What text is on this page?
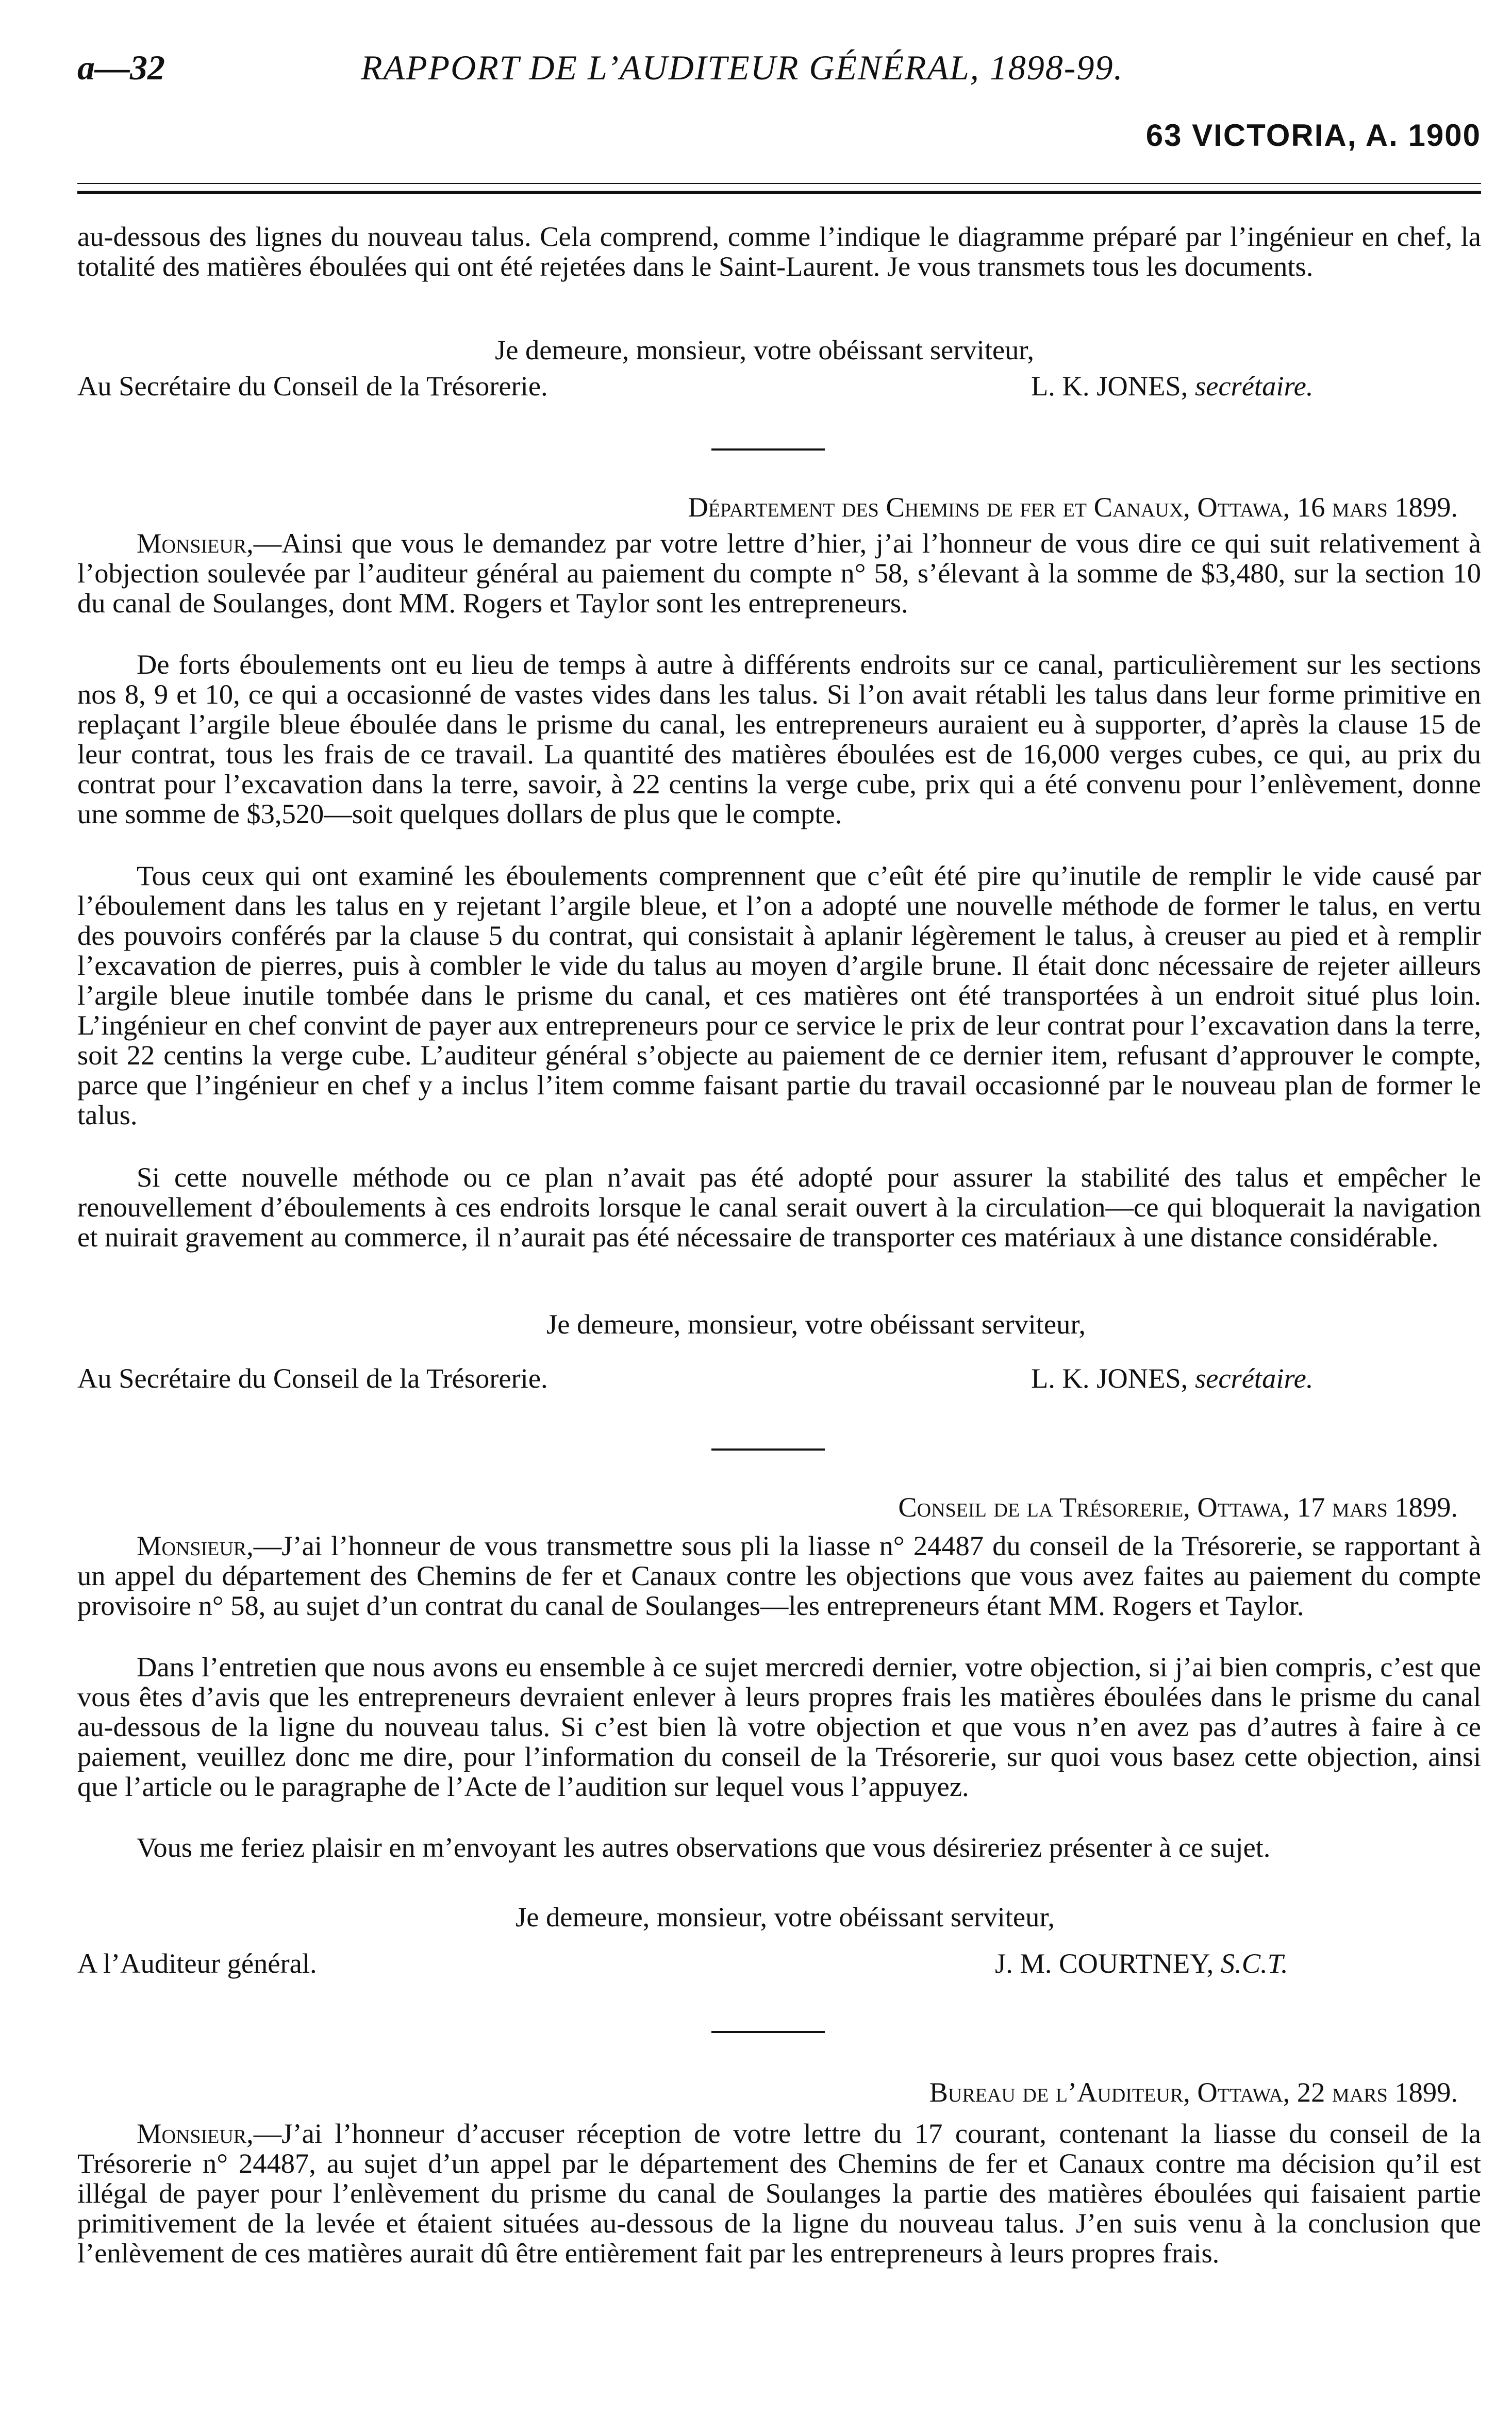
a—32	RAPPORT DE L’AUDITEUR GÉNÉRAL, 1898-99.
63 VICTORIA, A. 1900
au-dessous des lignes du nouveau talus. Cela comprend, comme l’indique le diagramme préparé par l’ingénieur en chef, la totalité des matières éboulées qui ont été rejetées dans le Saint-Laurent. Je vous transmets tous les documents.
Je demeure, monsieur, votre obéissant serviteur,
Au Secrétaire du Conseil de la Trésorerie.	L. K. JONES, secrétaire.
Département des Chemins de fer et Canaux, Ottawa, 16 mars 1899.
Monsieur,—Ainsi que vous le demandez par votre lettre d’hier, j’ai l’honneur de vous dire ce qui suit relativement à l’objection soulevée par l’auditeur général au paiement du compte n° 58, s’élevant à la somme de $3,480, sur la section 10 du canal de Soulanges, dont MM. Rogers et Taylor sont les entrepreneurs.
De forts éboulements ont eu lieu de temps à autre à différents endroits sur ce canal, particulièrement sur les sections nos 8, 9 et 10, ce qui a occasionné de vastes vides dans les talus. Si l’on avait rétabli les talus dans leur forme primitive en replaçant l’argile bleue éboulée dans le prisme du canal, les entrepreneurs auraient eu à supporter, d’après la clause 15 de leur contrat, tous les frais de ce travail. La quantité des matières éboulées est de 16,000 verges cubes, ce qui, au prix du contrat pour l’excavation dans la terre, savoir, à 22 centins la verge cube, prix qui a été convenu pour l’enlèvement, donne une somme de $3,520—soit quelques dollars de plus que le compte.
Tous ceux qui ont examiné les éboulements comprennent que c’eût été pire qu’inutile de remplir le vide causé par l’éboulement dans les talus en y rejetant l’argile bleue, et l’on a adopté une nouvelle méthode de former le talus, en vertu des pouvoirs conférés par la clause 5 du contrat, qui consistait à aplanir légèrement le talus, à creuser au pied et à remplir l’excavation de pierres, puis à combler le vide du talus au moyen d’argile brune. Il était donc nécessaire de rejeter ailleurs l’argile bleue inutile tombée dans le prisme du canal, et ces matières ont été transportées à un endroit situé plus loin. L’ingénieur en chef convint de payer aux entrepreneurs pour ce service le prix de leur contrat pour l’excavation dans la terre, soit 22 centins la verge cube. L’auditeur général s’objecte au paiement de ce dernier item, refusant d’approuver le compte, parce que l’ingénieur en chef y a inclus l’item comme faisant partie du travail occasionné par le nouveau plan de former le talus.
Si cette nouvelle méthode ou ce plan n’avait pas été adopté pour assurer la stabilité des talus et empêcher le renouvellement d’éboulements à ces endroits lorsque le canal serait ouvert à la circulation—ce qui bloquerait la navigation et nuirait gravement au commerce, il n’aurait pas été nécessaire de transporter ces matériaux à une distance considérable.
Je demeure, monsieur, votre obéissant serviteur,
Au Secrétaire du Conseil de la Trésorerie.	L. K. JONES, secrétaire.
Conseil de la Trésorerie, Ottawa, 17 mars 1899.
Monsieur,—J’ai l’honneur de vous transmettre sous pli la liasse n° 24487 du conseil de la Trésorerie, se rapportant à un appel du département des Chemins de fer et Canaux contre les objections que vous avez faites au paiement du compte provisoire n° 58, au sujet d’un contrat du canal de Soulanges—les entrepreneurs étant MM. Rogers et Taylor.
Dans l’entretien que nous avons eu ensemble à ce sujet mercredi dernier, votre objection, si j’ai bien compris, c’est que vous êtes d’avis que les entrepreneurs devraient enlever à leurs propres frais les matières éboulées dans le prisme du canal au-dessous de la ligne du nouveau talus. Si c’est bien là votre objection et que vous n’en avez pas d’autres à faire à ce paiement, veuillez donc me dire, pour l’information du conseil de la Trésorerie, sur quoi vous basez cette objection, ainsi que l’article ou le paragraphe de l’Acte de l’audition sur lequel vous l’appuyez.
Vous me feriez plaisir en m’envoyant les autres observations que vous désireriez présenter à ce sujet.
Je demeure, monsieur, votre obéissant serviteur,
A l’Auditeur général.	J. M. COURTNEY, S.C.T.
Bureau de l’Auditeur, Ottawa, 22 mars 1899.
Monsieur,—J’ai l’honneur d’accuser réception de votre lettre du 17 courant, contenant la liasse du conseil de la Trésorerie n° 24487, au sujet d’un appel par le département des Chemins de fer et Canaux contre ma décision qu’il est illégal de payer pour l’enlèvement du prisme du canal de Soulanges la partie des matières éboulées qui faisaient partie primitivement de la levée et étaient situées au-dessous de la ligne du nouveau talus. J’en suis venu à la conclusion que l’enlèvement de ces matières aurait dû être entièrement fait par les entrepreneurs à leurs propres frais.
